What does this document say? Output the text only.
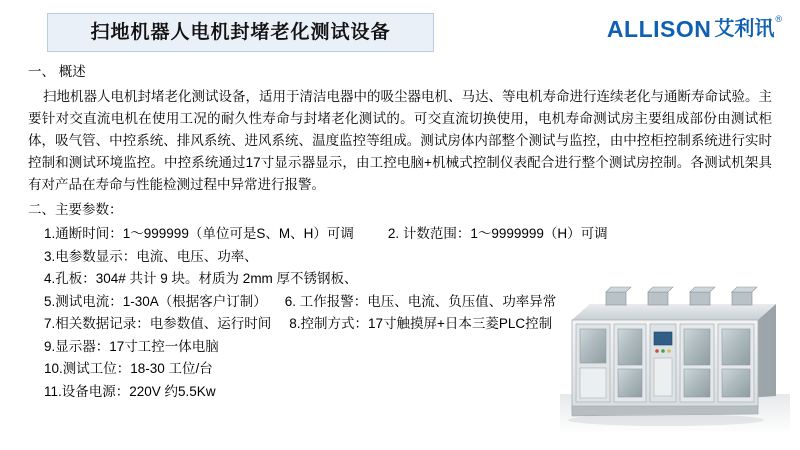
扫地机器人电机封堵老化测试设备	ALLISON 艾利讯 ®
一、 概述

扫地机器人电机封堵老化测试设备，适用于清洁电器中的吸尘器电机、马达、等电机寿命进行连续老化与通断寿命试验。主要针对交直流电机在使用工况的耐久性寿命与封堵老化测试的。可交直流切换使用，电机寿命测试房主要组成部份由测试柜体，吸气管、中控系统、排风系统、进风系统、温度监控等组成。测试房体内部整个测试与监控，由中控柜控制系统进行实时控制和测试环境监控。中控系统通过17寸显示器显示，由工控电脑+机械式控制仪表配合进行整个测试房控制。各测试机架具有对产品在寿命与性能检测过程中异常进行报警。

二、主要参数：
1.通断时间：1～999999（单位可是S、M、H）可调	2. 计数范围：1～9999999（H）可调
3.电参数显示：电流、电压、功率、
4.孔板：304# 共计 9 块。材质为 2mm 厚不锈钢板、
5.测试电流：1-30A（根据客户订制） 6. 工作报警：电压、电流、负压值、功率异常
7.相关数据记录：电参数值、运行时间 8.控制方式：17寸触摸屏+日本三菱PLC控制
9.显示器：17寸工控一体电脑
10.测试工位：18-30 工位/台
11.设备电源：220V 约5.5Kw
